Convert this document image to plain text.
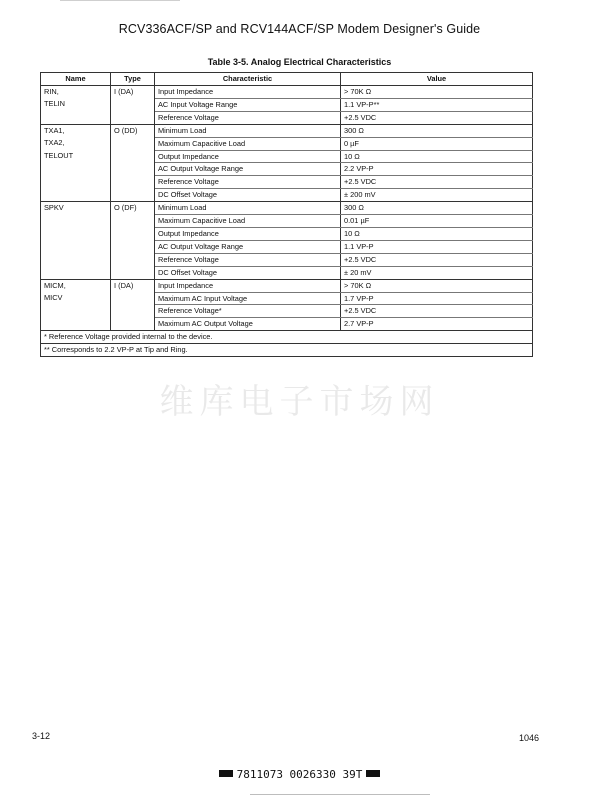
RCV336ACF/SP and RCV144ACF/SP Modem Designer's Guide
Table 3-5. Analog Electrical Characteristics
Name	Type	Characteristic	Value
RIN,	I (DA)	Input Impedance	> 70K Ω
TELIN		AC Input Voltage Range	1.1 VP-P**
		Reference Voltage	+2.5 VDC
TXA1,	O (DD)	Minimum Load	300 Ω
TXA2,		Maximum Capacitive Load	0 µF
TELOUT		Output Impedance	10 Ω
		AC Output Voltage Range	2.2 VP-P
		Reference Voltage	+2.5 VDC
		DC Offset Voltage	± 200 mV
SPKV	O (DF)	Minimum Load	300 Ω
		Maximum Capacitive Load	0.01 µF
		Output Impedance	10 Ω
		AC Output Voltage Range	1.1 VP-P
		Reference Voltage	+2.5 VDC
		DC Offset Voltage	± 20 mV
MICM,	I (DA)	Input Impedance	> 70K Ω
MICV		Maximum AC Input Voltage	1.7 VP-P
		Reference Voltage*	+2.5 VDC
		Maximum AC Output Voltage	2.7 VP-P
* Reference Voltage provided internal to the device.			
** Corresponds to 2.2 VP-P at Tip and Ring.			
维库电子市场网
3-12	1046
7811073 0026330 39T
